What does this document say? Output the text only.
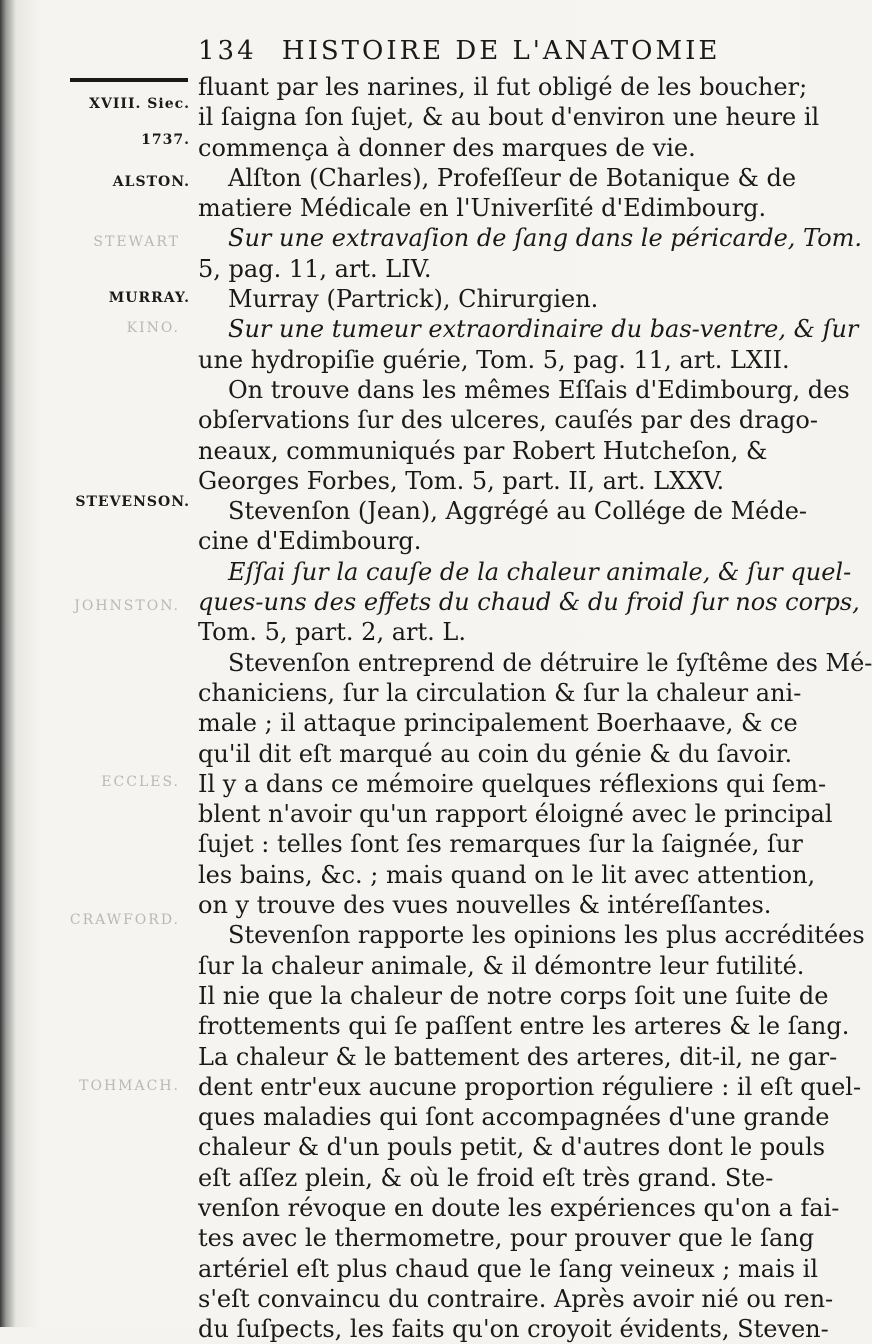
134 HISTOIRE DE L'ANATOMIE
XVIII. Siec.
1737.
ALSTON.
MURRAY.
STEVENSON.
STEWART
KINO.
JOHNSTON.
ECCLES.
CRAWFORD.
TOHMACH.
fluant par les narines, il fut obligé de les boucher;
il ſaigna ſon ſujet, & au bout d'environ une heure il
commença à donner des marques de vie.
Alſton (Charles), Profeſſeur de Botanique & de
matiere Médicale en l'Univerſité d'Edimbourg.
Sur une extravaſion de ſang dans le péricarde, Tom.
5, pag. 11, art. LIV.
Murray (Partrick), Chirurgien.
Sur une tumeur extraordinaire du bas-ventre, & ſur
une hydropiſie guérie, Tom. 5, pag. 11, art. LXII.
On trouve dans les mêmes Eſſais d'Edimbourg, des
obſervations ſur des ulceres, cauſés par des drago-
neaux, communiqués par Robert Hutcheſon, &
Georges Forbes, Tom. 5, part. II, art. LXXV.
Stevenſon (Jean), Aggrégé au Collége de Méde-
cine d'Edimbourg.
Eſſai ſur la cauſe de la chaleur animale, & ſur quel-
ques-uns des effets du chaud & du froid ſur nos corps,
Tom. 5, part. 2, art. L.
Stevenſon entreprend de détruire le ſyſtême des Mé-
chaniciens, ſur la circulation & ſur la chaleur ani-
male ; il attaque principalement Boerhaave, & ce
qu'il dit eſt marqué au coin du génie & du ſavoir.
Il y a dans ce mémoire quelques réflexions qui ſem-
blent n'avoir qu'un rapport éloigné avec le principal
ſujet : telles ſont ſes remarques ſur la ſaignée, ſur
les bains, &c. ; mais quand on le lit avec attention,
on y trouve des vues nouvelles & intéreſſantes.
Stevenſon rapporte les opinions les plus accréditées
ſur la chaleur animale, & il démontre leur futilité.
Il nie que la chaleur de notre corps ſoit une ſuite de
frottements qui ſe paſſent entre les arteres & le ſang.
La chaleur & le battement des arteres, dit-il, ne gar-
dent entr'eux aucune proportion réguliere : il eſt quel-
ques maladies qui ſont accompagnées d'une grande
chaleur & d'un pouls petit, & d'autres dont le pouls
eſt aſſez plein, & où le froid eſt très grand. Ste-
venſon révoque en doute les expériences qu'on a fai-
tes avec le thermometre, pour prouver que le ſang
artériel eſt plus chaud que le ſang veineux ; mais il
s'eſt convaincu du contraire. Après avoir nié ou ren-
du ſuſpects, les faits qu'on croyoit évidents, Steven-
